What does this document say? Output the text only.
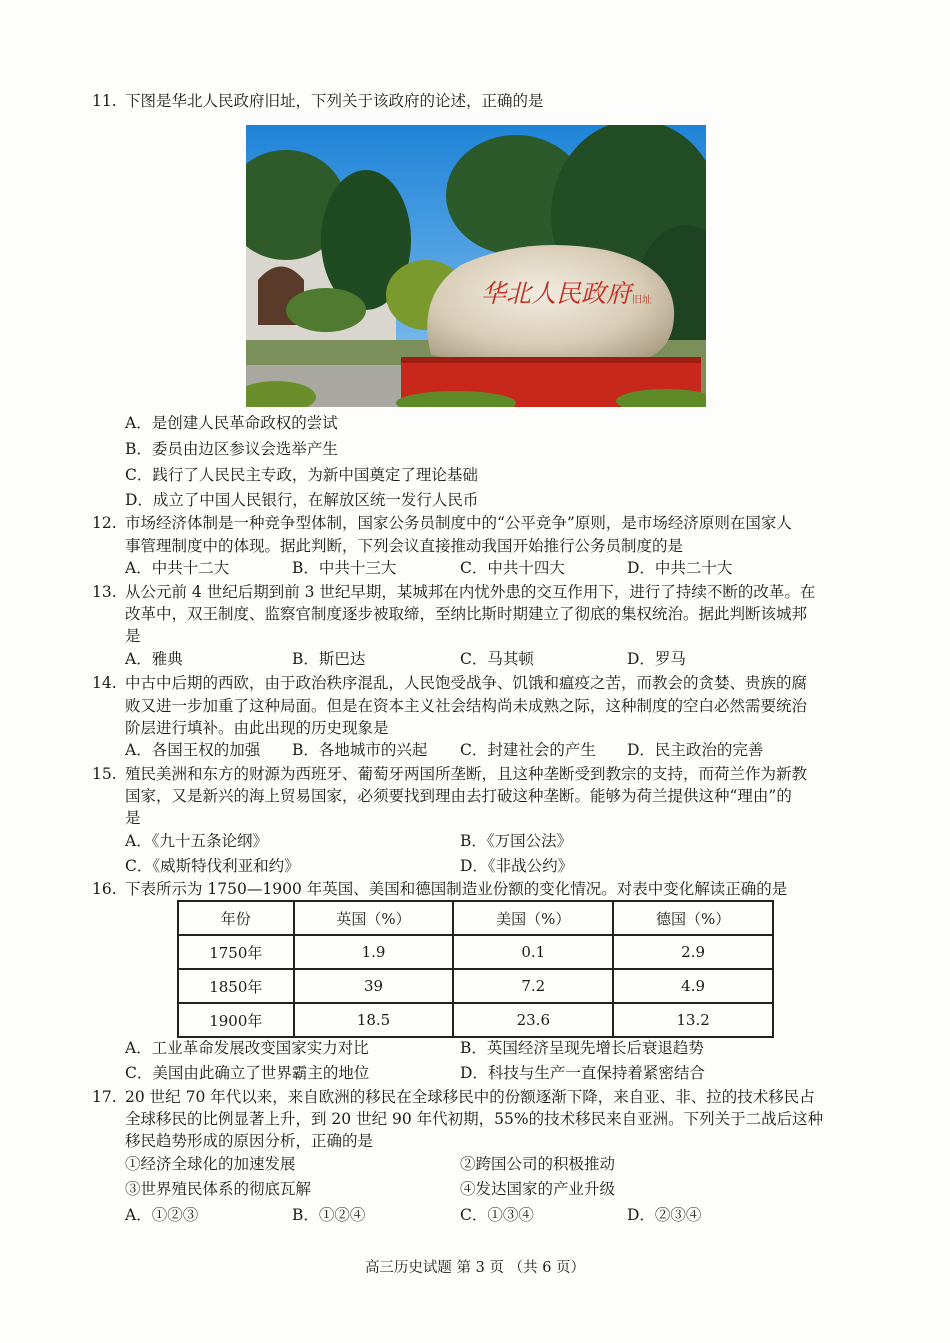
11. 下图是华北人民政府旧址，下列关于该政府的论述，正确的是
华北人民政府 旧址
A．是创建人民革命政权的尝试
B．委员由边区参议会选举产生
C．践行了人民民主专政，为新中国奠定了理论基础
D．成立了中国人民银行，在解放区统一发行人民币
12. 市场经济体制是一种竞争型体制，国家公务员制度中的“公平竞争”原则，是市场经济原则在国家人
事管理制度中的体现。据此判断，下列会议直接推动我国开始推行公务员制度的是
A．中共十二大	B．中共十三大	C．中共十四大	D．中共二十大
13. 从公元前 4 世纪后期到前 3 世纪早期，某城邦在内忧外患的交互作用下，进行了持续不断的改革。在
改革中，双王制度、监察官制度逐步被取缔，至纳比斯时期建立了彻底的集权统治。据此判断该城邦
是
A．雅典	B．斯巴达	C．马其顿	D．罗马
14. 中古中后期的西欧，由于政治秩序混乱，人民饱受战争、饥饿和瘟疫之苦，而教会的贪婪、贵族的腐
败又进一步加重了这种局面。但是在资本主义社会结构尚未成熟之际，这种制度的空白必然需要统治
阶层进行填补。由此出现的历史现象是
A．各国王权的加强 B．各地城市的兴起 C．封建社会的产生 D．民主政治的完善
15. 殖民美洲和东方的财源为西班牙、葡萄牙两国所垄断，且这种垄断受到教宗的支持，而荷兰作为新教
国家，又是新兴的海上贸易国家，必须要找到理由去打破这种垄断。能够为荷兰提供这种“理由”的
是
A．《九十五条论纲》	B．《万国公法》
C．《威斯特伐利亚和约》	D．《非战公约》
16. 下表所示为 1750—1900 年英国、美国和德国制造业份额的变化情况。对表中变化解读正确的是
年份	英国（%）	美国（%）	德国（%）
1750年	1.9	0.1	2.9
1850年	39	7.2	4.9
1900年	18.5	23.6	13.2
A．工业革命发展改变国家实力对比	B．英国经济呈现先增长后衰退趋势
C．美国由此确立了世界霸主的地位	D．科技与生产一直保持着紧密结合
17. 20 世纪 70 年代以来，来自欧洲的移民在全球移民中的份额逐渐下降，来自亚、非、拉的技术移民占
全球移民的比例显著上升，到 20 世纪 90 年代初期，55%的技术移民来自亚洲。下列关于二战后这种
移民趋势形成的原因分析，正确的是
①经济全球化的加速发展	②跨国公司的积极推动
③世界殖民体系的彻底瓦解	④发达国家的产业升级
A．①②③	B．①②④	C．①③④	D．②③④
高三历史试题 第 3 页 （共 6 页）
